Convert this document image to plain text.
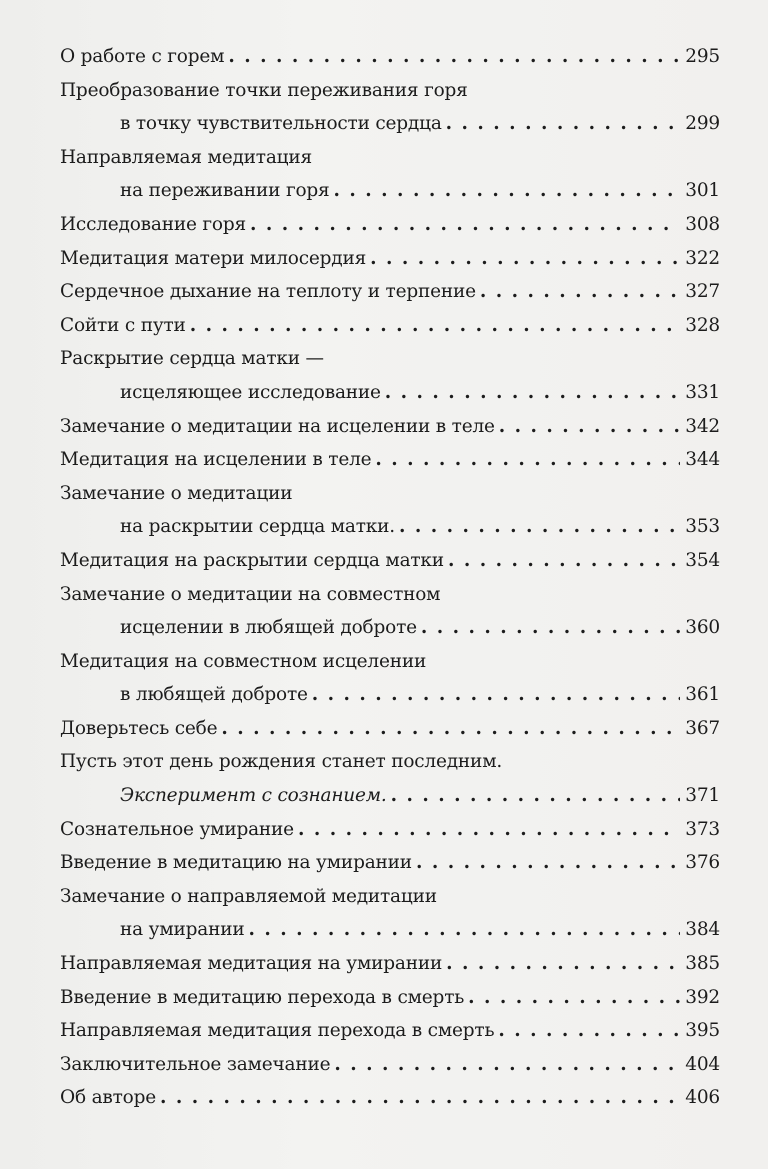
О работе с горем . . .	295
Преобразование точки переживания горя
в точку чувствительности сердца . . .	299
Направляемая медитация
на переживании горя . . .	301
Исследование горя . . .	308
Медитация матери милосердия . . .	322
Сердечное дыхание на теплоту и терпение . . .	327
Сойти с пути . . .	328
Раскрытие сердца матки —
исцеляющее исследование . . .	331
Замечание о медитации на исцелении в теле . . .	342
Медитация на исцелении в теле . . .	344
Замечание о медитации
на раскрытии сердца матки. . . .	353
Медитация на раскрытии сердца матки . . .	354
Замечание о медитации на совместном
исцелении в любящей доброте . . .	360
Медитация на совместном исцелении
в любящей доброте . . .	361
Доверьтесь себе . . .	367
Пусть этот день рождения станет последним.
Эксперимент с сознанием. . . .	371
Сознательное умирание . . .	373
Введение в медитацию на умирании . . .	376
Замечание о направляемой медитации
на умирании . . .	384
Направляемая медитация на умирании . . .	385
Введение в медитацию перехода в смерть . . .	392
Направляемая медитация перехода в смерть . . .	395
Заключительное замечание . . .	404
Об авторе . . .	406
